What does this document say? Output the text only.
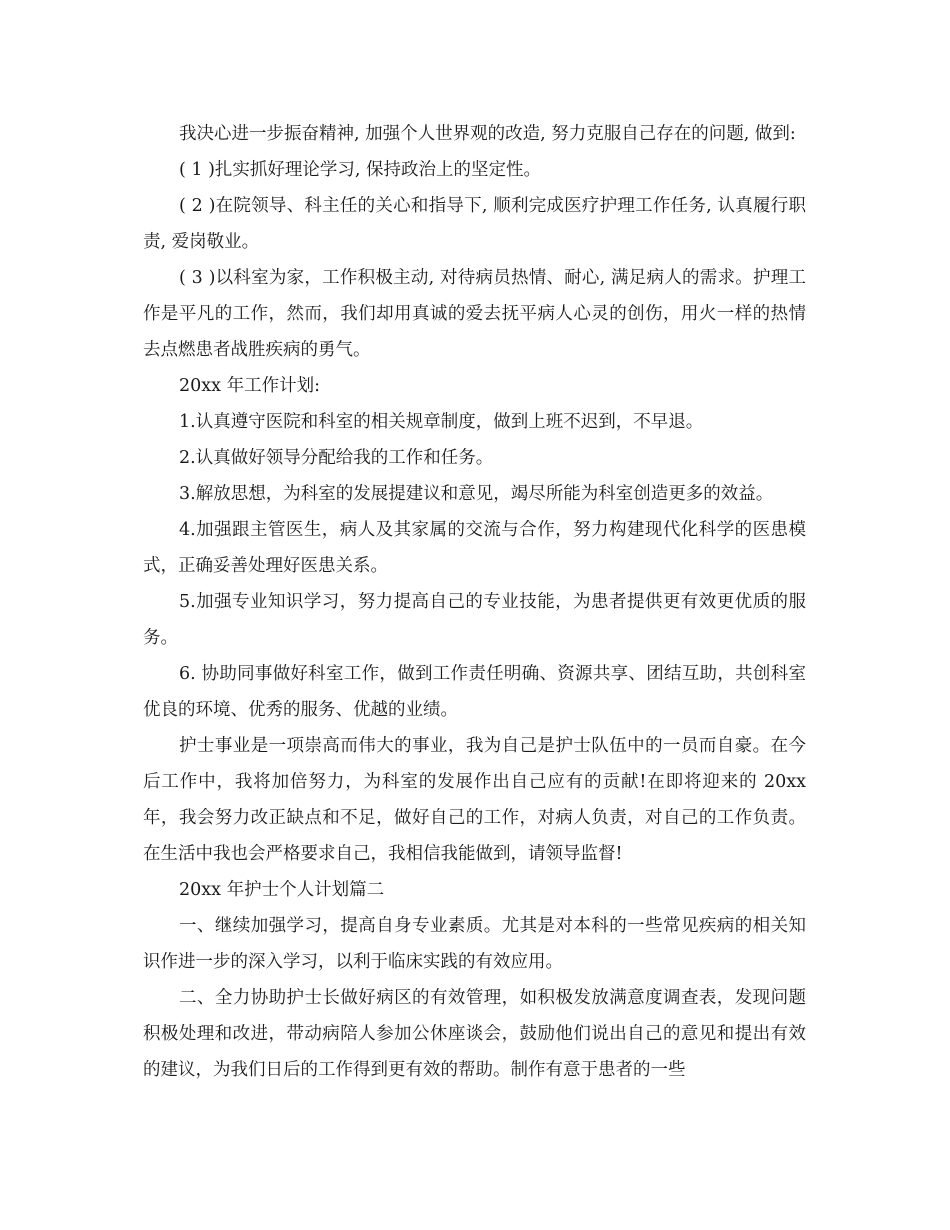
我决心进一步振奋精神, 加强个人世界观的改造, 努力克服自己存在的问题, 做到:

( 1 )扎实抓好理论学习, 保持政治上的坚定性。

( 2 )在院领导、科主任的关心和指导下, 顺利完成医疗护理工作任务, 认真履行职责, 爱岗敬业。

( 3 )以科室为家，工作积极主动, 对待病员热情、耐心, 满足病人的需求。护理工作是平凡的工作，然而，我们却用真诚的爱去抚平病人心灵的创伤，用火一样的热情去点燃患者战胜疾病的勇气。

20xx 年工作计划:

1.认真遵守医院和科室的相关规章制度，做到上班不迟到，不早退。

2.认真做好领导分配给我的工作和任务。

3.解放思想，为科室的发展提建议和意见，竭尽所能为科室创造更多的效益。

4.加强跟主管医生，病人及其家属的交流与合作，努力构建现代化科学的医患模式，正确妥善处理好医患关系。

5.加强专业知识学习，努力提高自己的专业技能，为患者提供更有效更优质的服务。

6. 协助同事做好科室工作，做到工作责任明确、资源共享、团结互助，共创科室优良的环境、优秀的服务、优越的业绩。

护士事业是一项崇高而伟大的事业，我为自己是护士队伍中的一员而自豪。在今后工作中，我将加倍努力，为科室的发展作出自己应有的贡献!在即将迎来的 20xx 年，我会努力改正缺点和不足，做好自己的工作，对病人负责，对自己的工作负责。在生活中我也会严格要求自己，我相信我能做到，请领导监督!

20xx 年护士个人计划篇二

一、继续加强学习，提高自身专业素质。尤其是对本科的一些常见疾病的相关知识作进一步的深入学习，以利于临床实践的有效应用。

二、全力协助护士长做好病区的有效管理，如积极发放满意度调查表，发现问题积极处理和改进，带动病陪人参加公休座谈会，鼓励他们说出自己的意见和提出有效的建议，为我们日后的工作得到更有效的帮助。制作有意于患者的一些
